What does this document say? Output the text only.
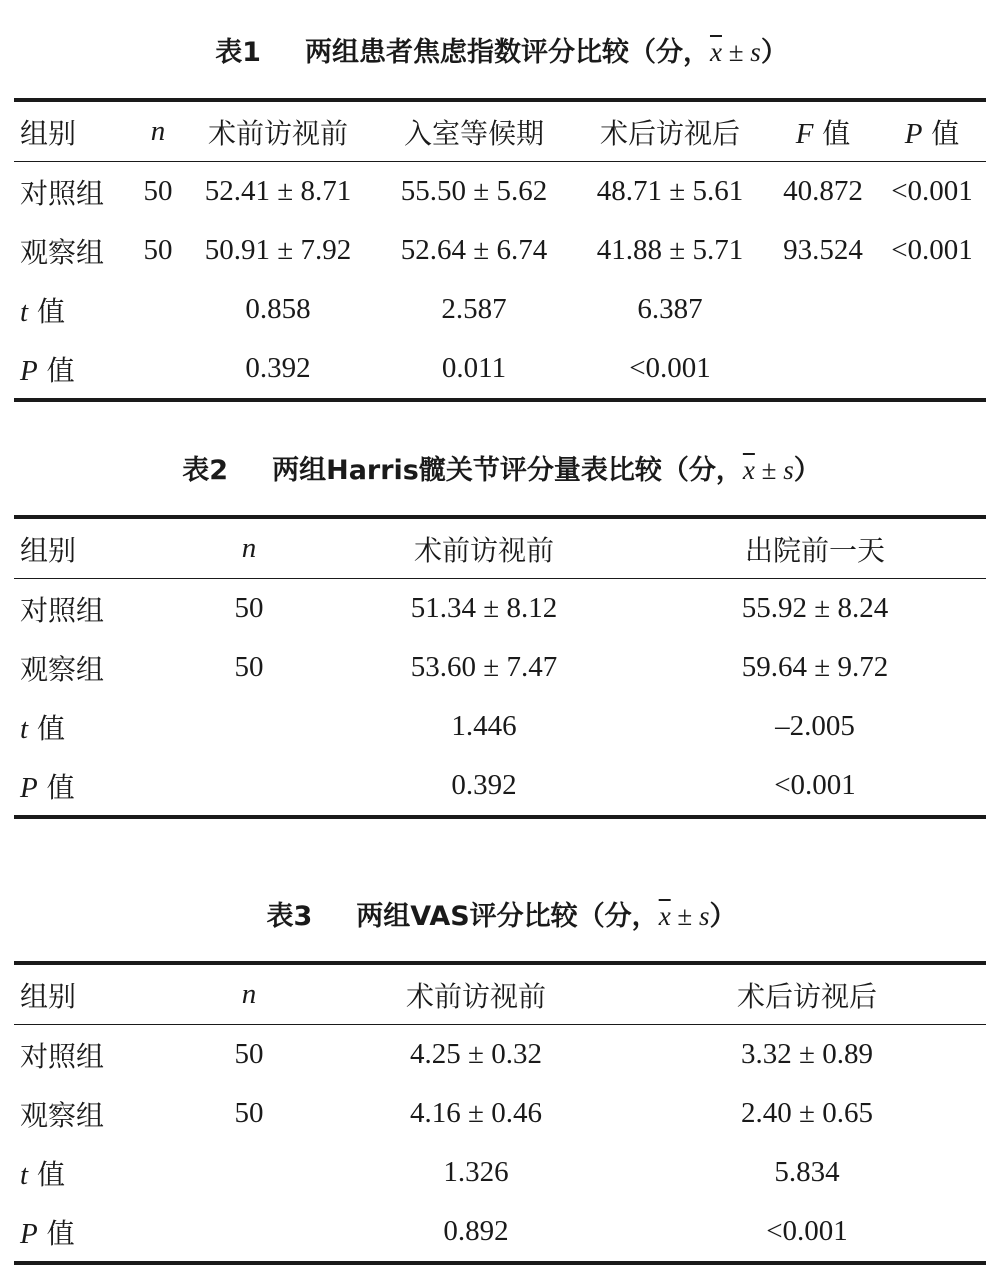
表1 两组患者焦虑指数评分比较（分，$\overline{x} \pm s$）
组别	n	术前访视前	入室等候期	术后访视后	F 值	P 值
对照组	50	52.41 ± 8.71	55.50 ± 5.62	48.71 ± 5.61	40.872	<0.001
观察组	50	50.91 ± 7.92	52.64 ± 6.74	41.88 ± 5.71	93.524	<0.001
t 值		0.858	2.587	6.387		
P 值		0.392	0.011	<0.001		
表2 两组Harris髋关节评分量表比较（分，$\overline{x} \pm s$）
组别	n	术前访视前	出院前一天
对照组	50	51.34 ± 8.12	55.92 ± 8.24
观察组	50	53.60 ± 7.47	59.64 ± 9.72
t 值		1.446	–2.005
P 值		0.392	<0.001
表3 两组VAS评分比较（分，$\overline{x} \pm s$）
组别	n	术前访视前	术后访视后
对照组	50	4.25 ± 0.32	3.32 ± 0.89
观察组	50	4.16 ± 0.46	2.40 ± 0.65
t 值		1.326	5.834
P 值		0.892	<0.001
